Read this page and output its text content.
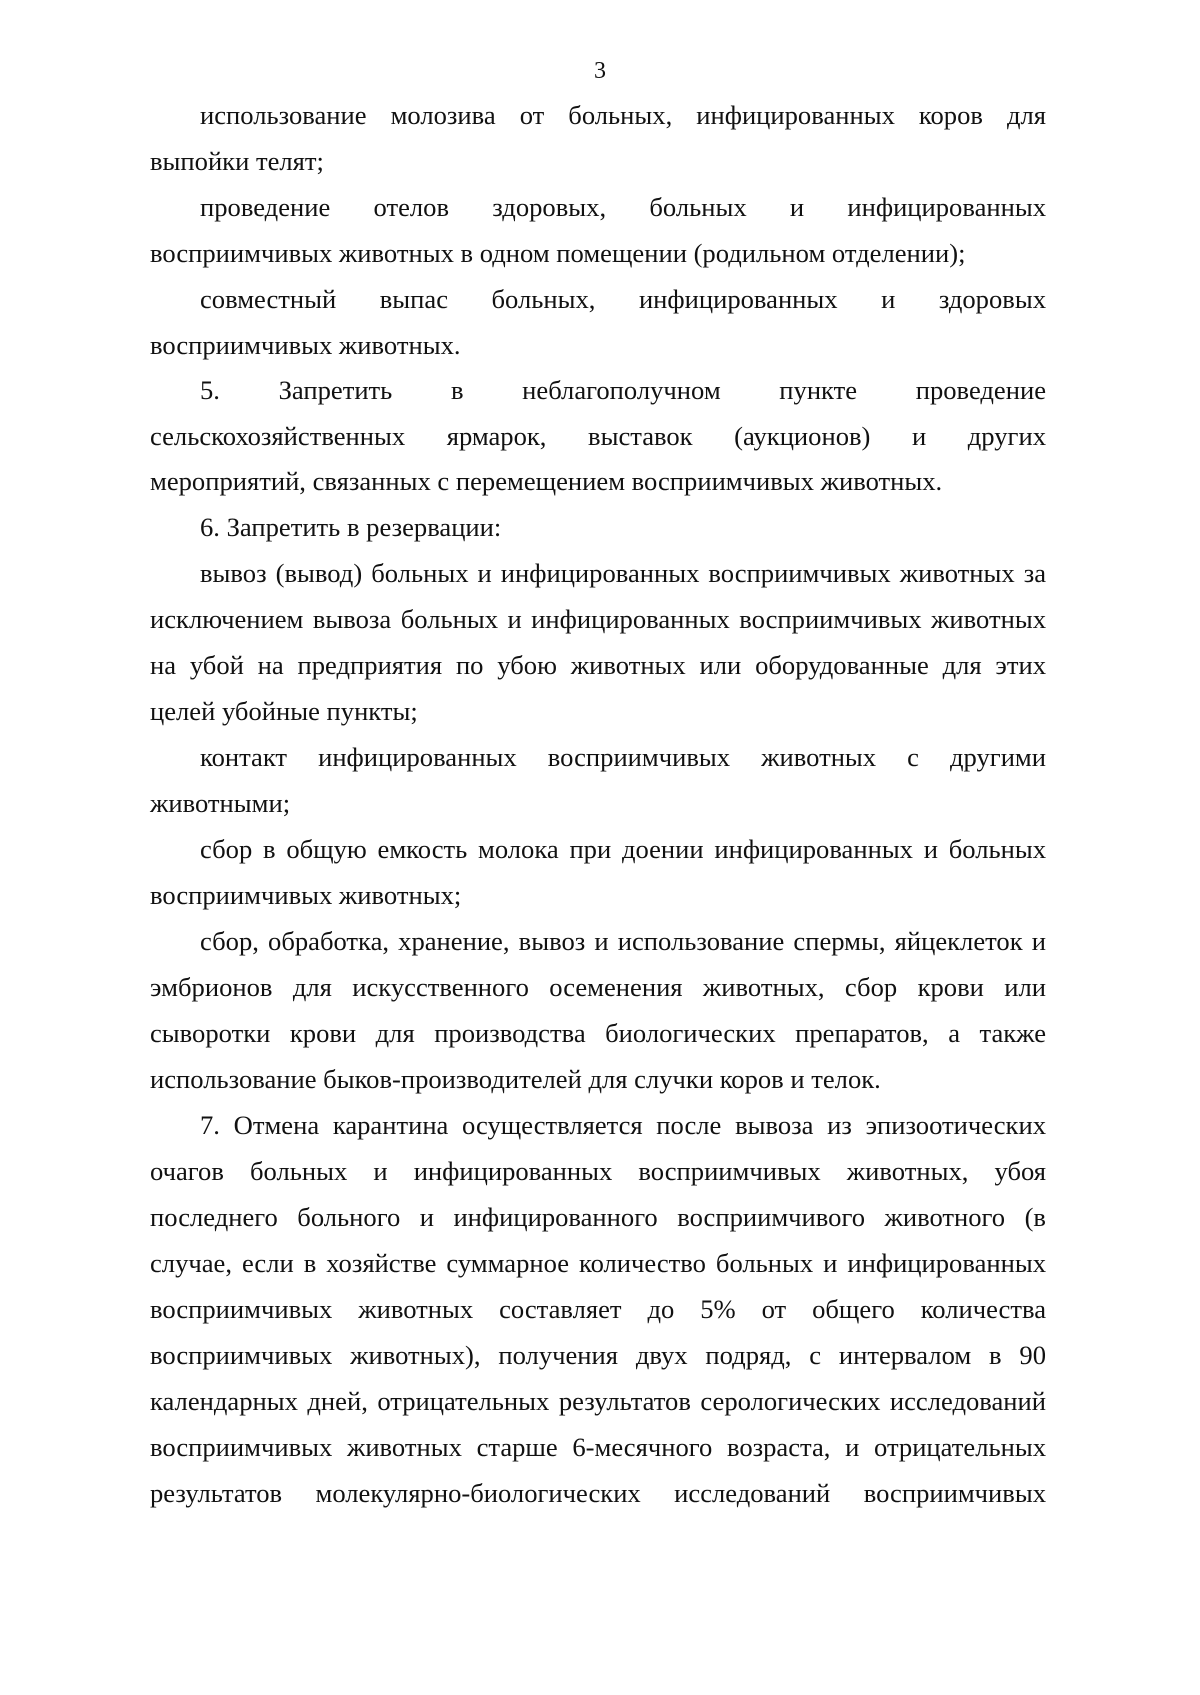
3
использование молозива от больных, инфицированных коров для
выпойки телят;
проведение отелов здоровых, больных и инфицированных
восприимчивых животных в одном помещении (родильном отделении);
совместный выпас больных, инфицированных и здоровых
восприимчивых животных.
5. Запретить в неблагополучном пункте проведение
сельскохозяйственных ярмарок, выставок (аукционов) и других
мероприятий, связанных с перемещением восприимчивых животных.
6. Запретить в резервации:
вывоз (вывод) больных и инфицированных восприимчивых животных за
исключением вывоза больных и инфицированных восприимчивых животных
на убой на предприятия по убою животных или оборудованные для этих
целей убойные пункты;
контакт инфицированных восприимчивых животных с другими
животными;
сбор в общую емкость молока при доении инфицированных и больных
восприимчивых животных;
сбор, обработка, хранение, вывоз и использование спермы, яйцеклеток и
эмбрионов для искусственного осеменения животных, сбор крови или
сыворотки крови для производства биологических препаратов, а также
использование быков-производителей для случки коров и телок.
7. Отмена карантина осуществляется после вывоза из эпизоотических
очагов больных и инфицированных восприимчивых животных, убоя
последнего больного и инфицированного восприимчивого животного (в
случае, если в хозяйстве суммарное количество больных и инфицированных
восприимчивых животных составляет до 5% от общего количества
восприимчивых животных), получения двух подряд, с интервалом в 90
календарных дней, отрицательных результатов серологических исследований
восприимчивых животных старше 6-месячного возраста, и отрицательных
результатов молекулярно-биологических исследований восприимчивых
